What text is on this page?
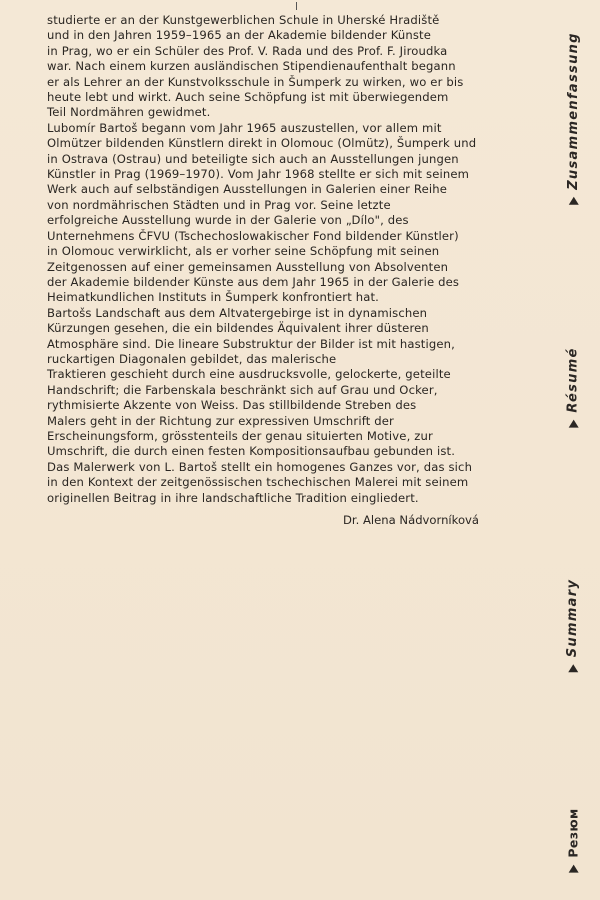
studierte er an der Kunstgewerblichen Schule in Uherské Hradiště
und in den Jahren 1959–1965 an der Akademie bildender Künste
in Prag, wo er ein Schüler des Prof. V. Rada und des Prof. F. Jiroudka
war. Nach einem kurzen ausländischen Stipendienaufenthalt begann
er als Lehrer an der Kunstvolksschule in Šumperk zu wirken, wo er bis
heute lebt und wirkt. Auch seine Schöpfung ist mit überwiegendem
Teil Nordmähren gewidmet.
Lubomír Bartoš begann vom Jahr 1965 auszustellen, vor allem mit
Olmützer bildenden Künstlern direkt in Olomouc (Olmütz), Šumperk und
in Ostrava (Ostrau) und beteiligte sich auch an Ausstellungen jungen
Künstler in Prag (1969–1970). Vom Jahr 1968 stellte er sich mit seinem
Werk auch auf selbständigen Ausstellungen in Galerien einer Reihe
von nordmährischen Städten und in Prag vor. Seine letzte
erfolgreiche Ausstellung wurde in der Galerie von „Dílo", des
Unternehmens ČFVU (Tschechoslowakischer Fond bildender Künstler)
in Olomouc verwirklicht, als er vorher seine Schöpfung mit seinen
Zeitgenossen auf einer gemeinsamen Ausstellung von Absolventen
der Akademie bildender Künste aus dem Jahr 1965 in der Galerie des
Heimatkundlichen Instituts in Šumperk konfrontiert hat.
Bartošs Landschaft aus dem Altvatergebirge ist in dynamischen
Kürzungen gesehen, die ein bildendes Äquivalent ihrer düsteren
Atmosphäre sind. Die lineare Substruktur der Bilder ist mit hastigen,
ruckartigen Diagonalen gebildet, das malerische
Traktieren geschieht durch eine ausdrucksvolle, gelockerte, geteilte
Handschrift; die Farbenskala beschränkt sich auf Grau und Ocker,
rythmisierte Akzente von Weiss. Das stillbildende Streben des
Malers geht in der Richtung zur expressiven Umschrift der
Erscheinungsform, grösstenteils der genau situierten Motive, zur
Umschrift, die durch einen festen Kompositionsaufbau gebunden ist.
Das Malerwerk von L. Bartoš stellt ein homogenes Ganzes vor, das sich
in den Kontext der zeitgenössischen tschechischen Malerei mit seinem
originellen Beitrag in ihre landschaftliche Tradition eingliedert.
Dr. Alena Nádvorníková
Zusammenfassung
Résumé
Summary
Резюм
